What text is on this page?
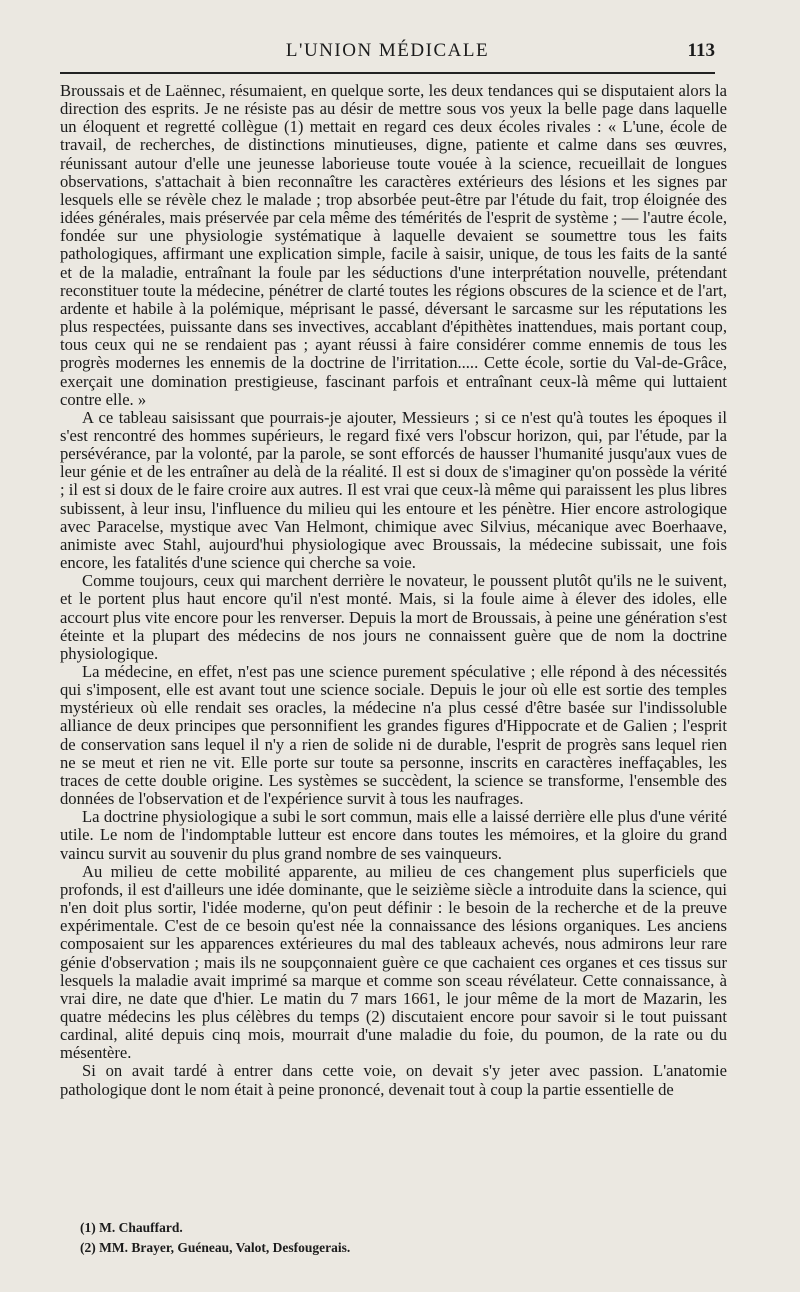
L'UNION MÉDICALE	113

Broussais et de Laënnec, résumaient, en quelque sorte, les deux tendances qui se disputaient alors la direction des esprits. Je ne résiste pas au désir de mettre sous vos yeux la belle page dans laquelle un éloquent et regretté collègue (1) mettait en regard ces deux écoles rivales : « L'une, école de travail, de recherches, de distinctions minutieuses, digne, patiente et calme dans ses œuvres, réunissant autour d'elle une jeunesse laborieuse toute vouée à la science, recueillait de longues observations, s'attachait à bien reconnaître les caractères extérieurs des lésions et les signes par lesquels elle se révèle chez le malade ; trop absorbée peut-être par l'étude du fait, trop éloignée des idées générales, mais préservée par cela même des témérités de l'esprit de système ; — l'autre école, fondée sur une physiologie systématique à laquelle devaient se soumettre tous les faits pathologiques, affirmant une explication simple, facile à saisir, unique, de tous les faits de la santé et de la maladie, entraînant la foule par les séductions d'une interprétation nouvelle, prétendant reconstituer toute la médecine, pénétrer de clarté toutes les régions obscures de la science et de l'art, ardente et habile à la polémique, méprisant le passé, déversant le sarcasme sur les réputations les plus respectées, puissante dans ses invectives, accablant d'épithètes inattendues, mais portant coup, tous ceux qui ne se rendaient pas ; ayant réussi à faire considérer comme ennemis de tous les progrès modernes les ennemis de la doctrine de l'irritation..... Cette école, sortie du Val-de-Grâce, exerçait une domination prestigieuse, fascinant parfois et entraînant ceux-là même qui luttaient contre elle. »

A ce tableau saisissant que pourrais-je ajouter, Messieurs ; si ce n'est qu'à toutes les époques il s'est rencontré des hommes supérieurs, le regard fixé vers l'obscur horizon, qui, par l'étude, par la persévérance, par la volonté, par la parole, se sont efforcés de hausser l'humanité jusqu'aux vues de leur génie et de les entraîner au delà de la réalité. Il est si doux de s'imaginer qu'on possède la vérité ; il est si doux de le faire croire aux autres. Il est vrai que ceux-là même qui paraissent les plus libres subissent, à leur insu, l'influence du milieu qui les entoure et les pénètre. Hier encore astrologique avec Paracelse, mystique avec Van Helmont, chimique avec Silvius, mécanique avec Boerhaave, animiste avec Stahl, aujourd'hui physiologique avec Broussais, la médecine subissait, une fois encore, les fatalités d'une science qui cherche sa voie.

Comme toujours, ceux qui marchent derrière le novateur, le poussent plutôt qu'ils ne le suivent, et le portent plus haut encore qu'il n'est monté. Mais, si la foule aime à élever des idoles, elle accourt plus vite encore pour les renverser. Depuis la mort de Broussais, à peine une génération s'est éteinte et la plupart des médecins de nos jours ne connaissent guère que de nom la doctrine physiologique.

La médecine, en effet, n'est pas une science purement spéculative ; elle répond à des nécessités qui s'imposent, elle est avant tout une science sociale. Depuis le jour où elle est sortie des temples mystérieux où elle rendait ses oracles, la médecine n'a plus cessé d'être basée sur l'indissoluble alliance de deux principes que personnifient les grandes figures d'Hippocrate et de Galien ; l'esprit de conservation sans lequel il n'y a rien de solide ni de durable, l'esprit de progrès sans lequel rien ne se meut et rien ne vit. Elle porte sur toute sa personne, inscrits en caractères ineffaçables, les traces de cette double origine. Les systèmes se succèdent, la science se transforme, l'ensemble des données de l'observation et de l'expérience survit à tous les naufrages.

La doctrine physiologique a subi le sort commun, mais elle a laissé derrière elle plus d'une vérité utile. Le nom de l'indomptable lutteur est encore dans toutes les mémoires, et la gloire du grand vaincu survit au souvenir du plus grand nombre de ses vainqueurs.

Au milieu de cette mobilité apparente, au milieu de ces changement plus superficiels que profonds, il est d'ailleurs une idée dominante, que le seizième siècle a introduite dans la science, qui n'en doit plus sortir, l'idée moderne, qu'on peut définir : le besoin de la recherche et de la preuve expérimentale. C'est de ce besoin qu'est née la connaissance des lésions organiques. Les anciens composaient sur les apparences extérieures du mal des tableaux achevés, nous admirons leur rare génie d'observation ; mais ils ne soupçonnaient guère ce que cachaient ces organes et ces tissus sur lesquels la maladie avait imprimé sa marque et comme son sceau révélateur. Cette connaissance, à vrai dire, ne date que d'hier. Le matin du 7 mars 1661, le jour même de la mort de Mazarin, les quatre médecins les plus célèbres du temps (2) discutaient encore pour savoir si le tout puissant cardinal, alité depuis cinq mois, mourrait d'une maladie du foie, du poumon, de la rate ou du mésentère.

Si on avait tardé à entrer dans cette voie, on devait s'y jeter avec passion. L'anatomie pathologique dont le nom était à peine prononcé, devenait tout à coup la partie essentielle de

(1) M. Chauffard.
(2) MM. Brayer, Guéneau, Valot, Desfougerais.
